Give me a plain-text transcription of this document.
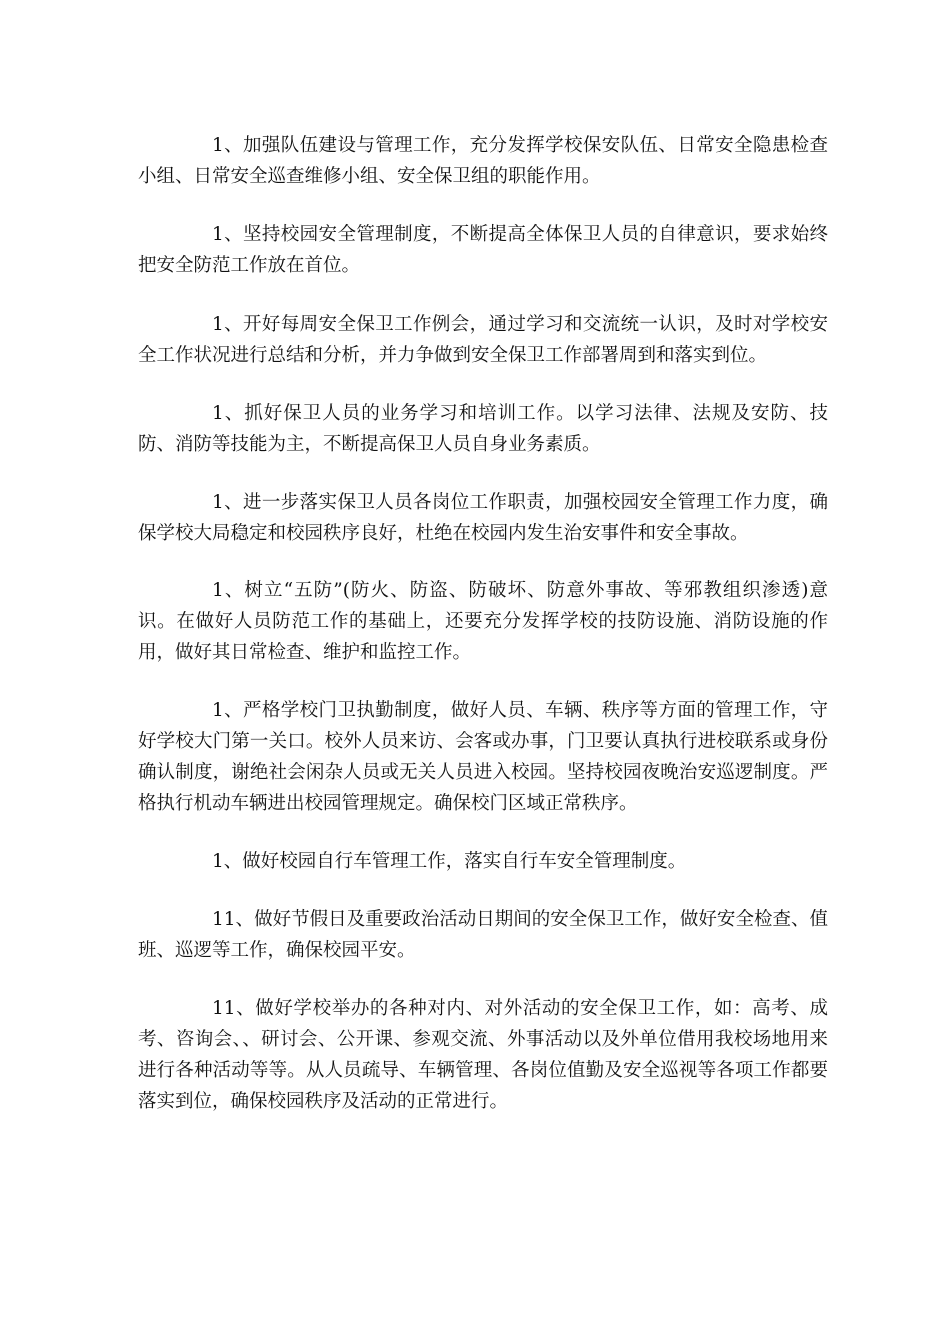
1、加强队伍建设与管理工作，充分发挥学校保安队伍、日常安全隐患检查小组、日常安全巡查维修小组、安全保卫组的职能作用。

1、坚持校园安全管理制度，不断提高全体保卫人员的自律意识，要求始终把安全防范工作放在首位。

1、开好每周安全保卫工作例会，通过学习和交流统一认识，及时对学校安全工作状况进行总结和分析，并力争做到安全保卫工作部署周到和落实到位。

1、抓好保卫人员的业务学习和培训工作。以学习法律、法规及安防、技防、消防等技能为主，不断提高保卫人员自身业务素质。

1、进一步落实保卫人员各岗位工作职责，加强校园安全管理工作力度，确保学校大局稳定和校园秩序良好，杜绝在校园内发生治安事件和安全事故。

1、树立“五防”(防火、防盗、防破坏、防意外事故、等邪教组织渗透)意识。在做好人员防范工作的基础上，还要充分发挥学校的技防设施、消防设施的作用，做好其日常检查、维护和监控工作。

1、严格学校门卫执勤制度，做好人员、车辆、秩序等方面的管理工作，守好学校大门第一关口。校外人员来访、会客或办事，门卫要认真执行进校联系或身份确认制度，谢绝社会闲杂人员或无关人员进入校园。坚持校园夜晚治安巡逻制度。严格执行机动车辆进出校园管理规定。确保校门区域正常秩序。

1、做好校园自行车管理工作，落实自行车安全管理制度。

11、做好节假日及重要政治活动日期间的安全保卫工作，做好安全检查、值班、巡逻等工作，确保校园平安。

11、做好学校举办的各种对内、对外活动的安全保卫工作，如：高考、成考、咨询会、、研讨会、公开课、参观交流、外事活动以及外单位借用我校场地用来进行各种活动等等。从人员疏导、车辆管理、各岗位值勤及安全巡视等各项工作都要落实到位，确保校园秩序及活动的正常进行。
